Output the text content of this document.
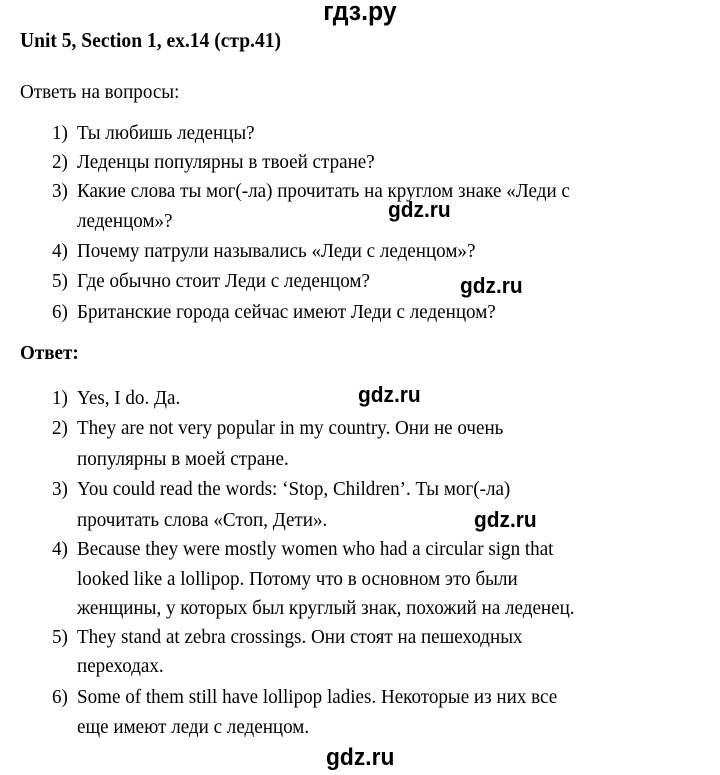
гдз.ру
Unit 5, Section 1, ex.14 (стр.41)
Ответь на вопросы:
1) Ты любишь леденцы?
2) Леденцы популярны в твоей стране?
3) Какие слова ты мог(-ла) прочитать на круглом знаке «Леди с
леденцом»?
4) Почему патрули назывались «Леди с леденцом»?
5) Где обычно стоит Леди с леденцом?
6) Британские города сейчас имеют Леди с леденцом?
Ответ:
1) Yes, I do. Да.
2) They are not very popular in my country. Они не очень
популярны в моей стране.
3) You could read the words: ‘Stop, Children’. Ты мог(-ла)
прочитать слова «Стоп, Дети».
4) Because they were mostly women who had a circular sign that
looked like a lollipop. Потому что в основном это были
женщины, у которых был круглый знак, похожий на леденец.
5) They stand at zebra crossings. Они стоят на пешеходных
переходах.
6) Some of them still have lollipop ladies. Некоторые из них все
еще имеют леди с леденцом.
gdz.ru
gdz.ru
gdz.ru
gdz.ru
gdz.ru
